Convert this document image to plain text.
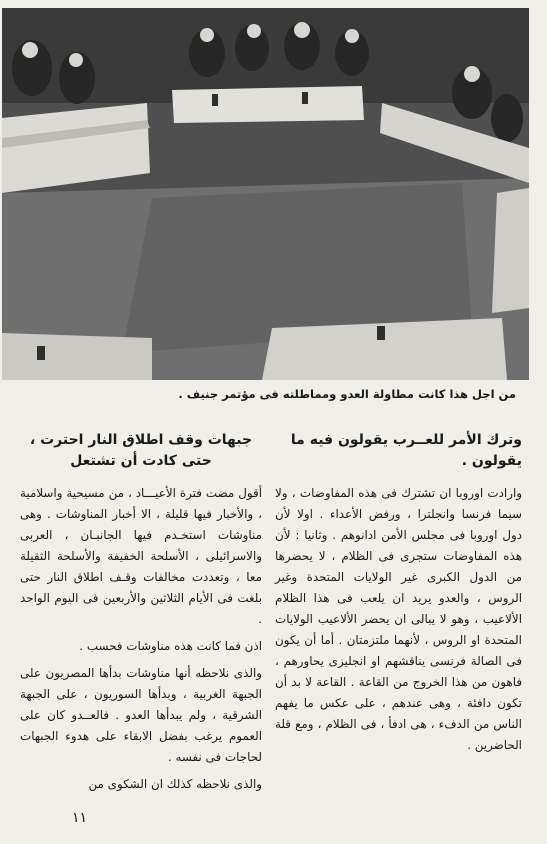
من اجل هذا كانت مطاولة العدو ومماطلته فى مؤتمر جنيف .
وترك الأمر للعــرب يقولون فيه ما يقولون .

وارادت اوروبا ان تشترك فى هذه المفاوضات ، ولا سيما فرنسا وانجلترا ، ورفض الأعداء . اولا لأن دول اوروبا فى مجلس الأمن ادانوهم . وثانيا : لأن هذه المفاوضات ستجرى فى الظلام ، لا يحضرها من الدول الكبرى غير الولايات المتحدة وغير الروس ، والعدو يريد ان يلعب فى هذا الظلام الألاعيب ، وهو لا يبالى ان يحضر الألاعيب الولايات المتحدة او الروس ، لأنهما ملتزمتان . أما أن يكون فى الصالة فرنسى يناقشهم او انجليزى يحاورهم ، فاهون من هذا الخروج من القاعة . القاعة لا بد أن تكون دافئة ، وهى عندهم ، على عكس ما يفهم الناس من الدفء ، هى ادفأ ، فى الظلام ، ومع قلة الحاضرين .

جبهات وقف اطلاق النار احترت ، حتى كادت أن تشتعل

أقول مضت فترة الأعيـــاد ، من مسيحية واسلامية ، والأخبار فيها قليلة ، الا أخبار المناوشات . وهى مناوشات استخـدم فيها الجانبـان ، العربى والاسرائيلى ، الأسلحة الخفيفة والأسلحة الثقيلة معا ، وتعددت مخالفات وقـف اطلاق النار حتى بلغت فى الأيام الثلاثين والأربعين فى اليوم الواحد .

اذن فما كانت هذه مناوشات فحسب .

والذى نلاحظه أنها مناوشات بدأها المصريون على الجبهة الغربية ، وبدأها السوريون ، على الجبهة الشرقية ، ولم يبدأها العدو . فالعــدو كان على العموم يرغب بفضل الابقاء على هدوء الجبهات لحاجات فى نفسه .

والذى نلاحظه كذلك ان الشكوى من

١١
